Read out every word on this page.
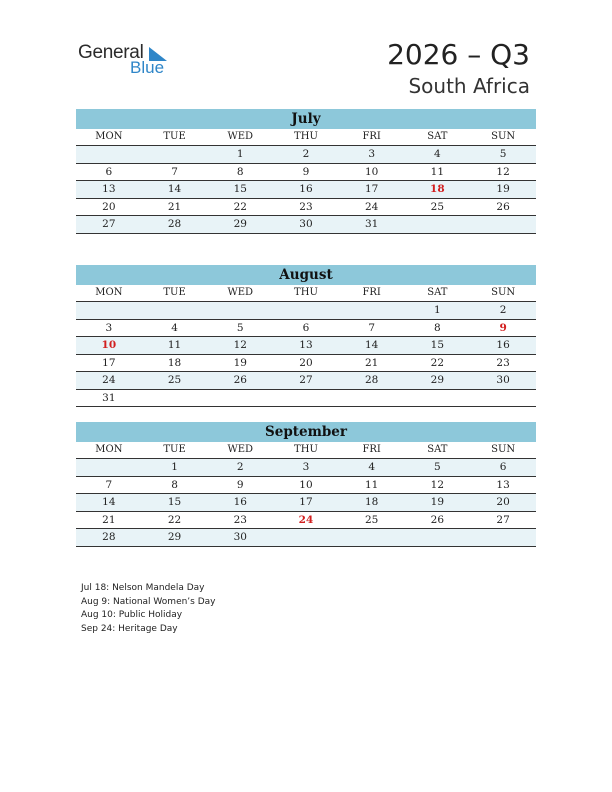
General
Blue	2026 – Q3
South Africa
July
MON	TUE	WED	THU	FRI	SAT	SUN
		1	2	3	4	5
6	7	8	9	10	11	12
13	14	15	16	17	18	19
20	21	22	23	24	25	26
27	28	29	30	31		
August
MON	TUE	WED	THU	FRI	SAT	SUN
					1	2
3	4	5	6	7	8	9
10	11	12	13	14	15	16
17	18	19	20	21	22	23
24	25	26	27	28	29	30
31						
September
MON	TUE	WED	THU	FRI	SAT	SUN
	1	2	3	4	5	6
7	8	9	10	11	12	13
14	15	16	17	18	19	20
21	22	23	24	25	26	27
28	29	30				
Jul 18: Nelson Mandela Day
Aug 9: National Women’s Day
Aug 10: Public Holiday
Sep 24: Heritage Day
